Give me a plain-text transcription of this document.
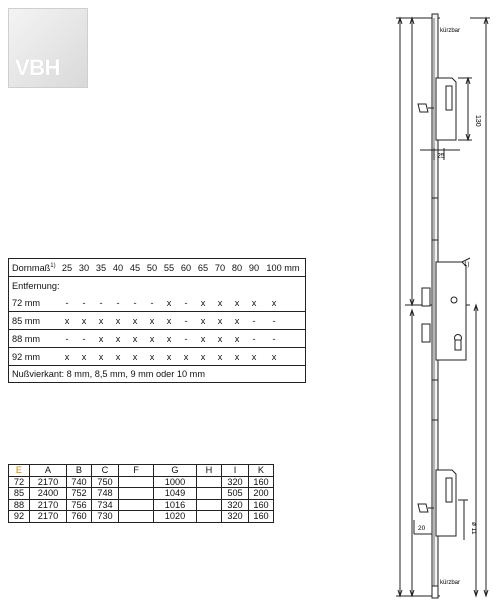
VBH
Dornmaß$^{1)}$ 25 30 35 40 45 50 55 60 65 70 80 90 100 mm
Entfernung:
72 mm	-	-	-	-	-	-	x	-	x	x	x	x	x
85 mm	x	x	x	x	x	x	x	-	x	x	x	-	-
88 mm	-	-	x	x	x	x	x	-	x	x	x	-	-
92 mm	x	x	x	x	x	x	x	x	x	x	x	x	x
Nußvierkant: 8 mm, 8,5 mm, 9 mm oder 10 mm
E	A	B	C	F	G	H	I	K
72	2170	740	750		1000		320	160
85	2400	752	748		1049		505	200
88	2170	756	734		1016		320	160
92	2170	760	730		1020		320	160
kürzbar
kürzbar
130
25
1)
20	ø 11
